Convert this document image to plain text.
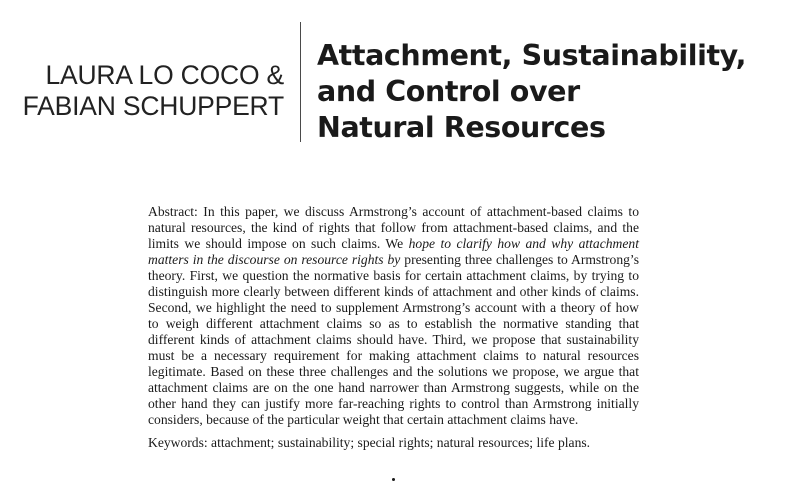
LAURA LO COCO &
FABIAN SCHUPPERT
Attachment, Sustainability,
and Control over
Natural Resources

Abstract: In this paper, we discuss Armstrong’s account of attachment-based claims to natural resources, the kind of rights that follow from attachment-based claims, and the limits we should impose on such claims. We hope to clarify how and why attachment matters in the discourse on resource rights by presenting three challenges to Armstrong’s theory. First, we question the normative basis for certain attachment claims, by trying to distinguish more clearly between different kinds of attachment and other kinds of claims. Second, we highlight the need to supplement Armstrong’s account with a theory of how to weigh different attachment claims so as to establish the normative standing that different kinds of attachment claims should have. Third, we propose that sustainability must be a necessary requirement for making attachment claims to natural resources legitimate. Based on these three challenges and the solutions we propose, we argue that attachment claims are on the one hand narrower than Armstrong suggests, while on the other hand they can justify more far-reaching rights to control than Armstrong initially considers, because of the particular weight that certain attachment claims have.

Keywords: attachment; sustainability; special rights; natural resources; life plans.
